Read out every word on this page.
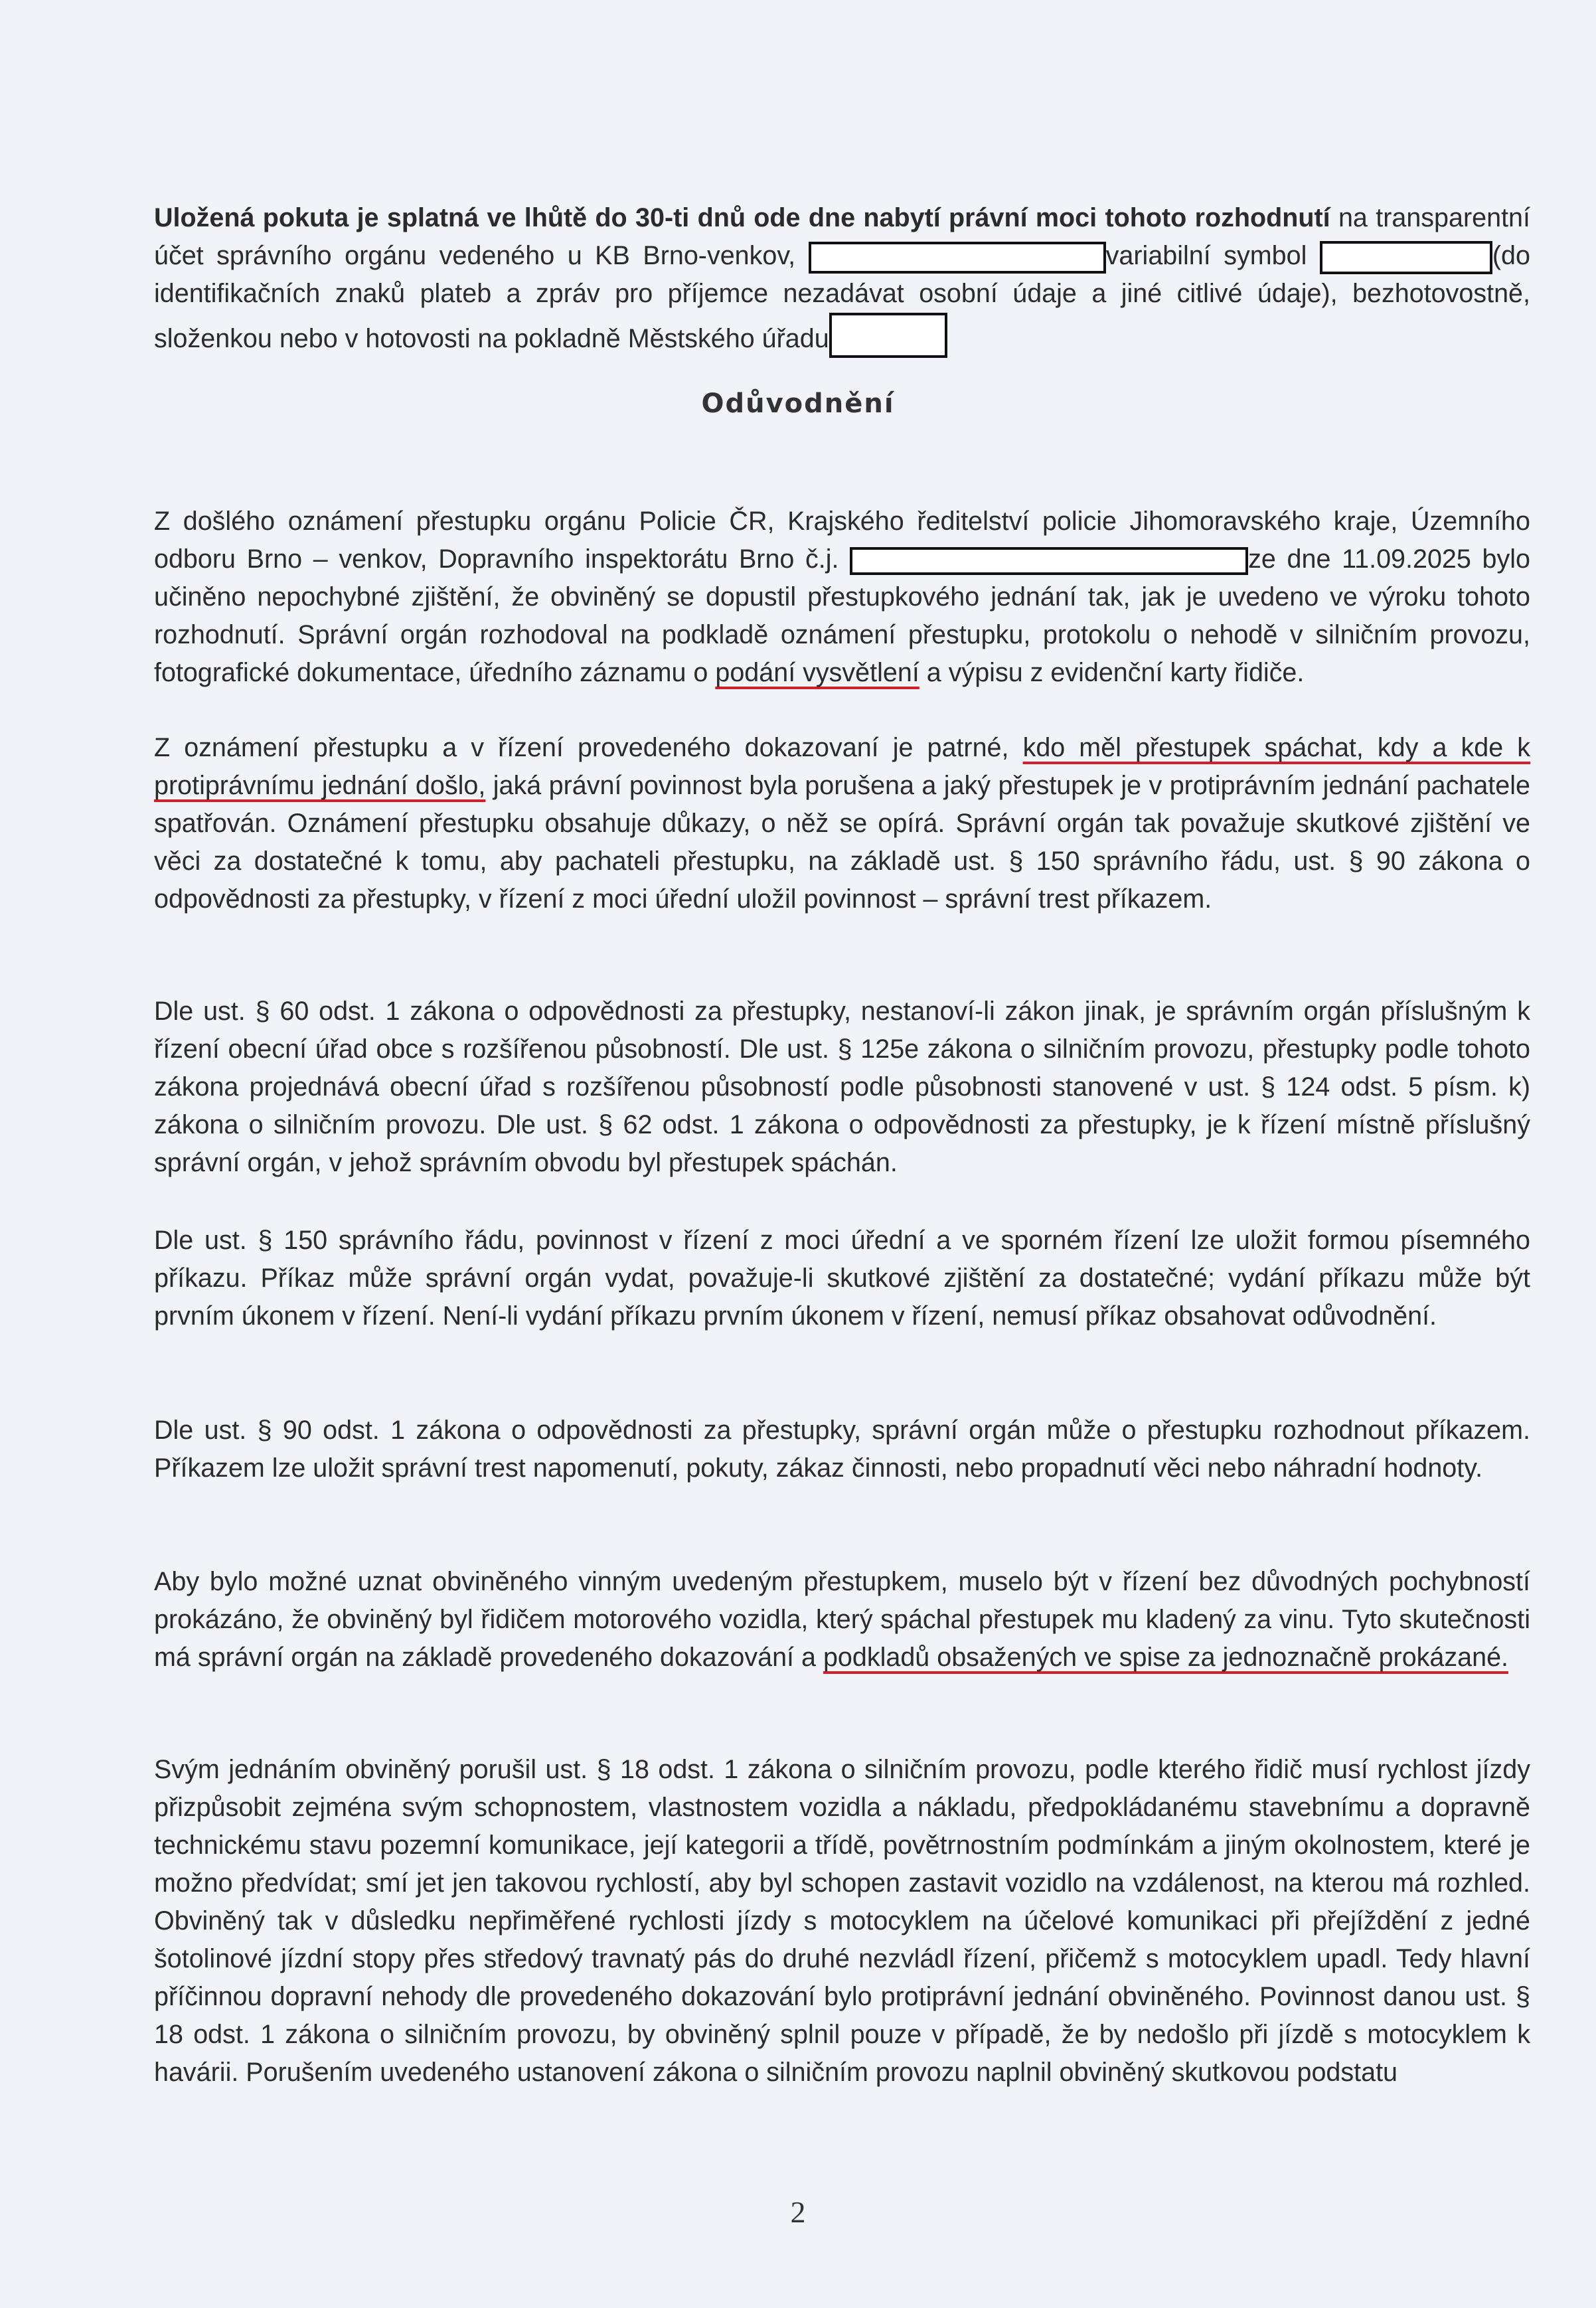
Uložená pokuta je splatná ve lhůtě do 30-ti dnů ode dne nabytí právní moci tohoto rozhodnutí na transparentní účet správního orgánu vedeného u KB Brno-venkov,	variabilní symbol	(do identifikačních znaků plateb a zpráv pro příjemce nezadávat osobní údaje a jiné citlivé údaje), bezhotovostně, složenkou nebo v hotovosti na pokladně Městského úřadu
Odůvodnění
Z došlého oznámení přestupku orgánu Policie ČR, Krajského ředitelství policie Jihomoravského kraje, Územního odboru Brno – venkov, Dopravního inspektorátu Brno č.j.	ze dne 11.09.2025 bylo učiněno nepochybné zjištění, že obviněný se dopustil přestupkového jednání tak, jak je uvedeno ve výroku tohoto rozhodnutí. Správní orgán rozhodoval na podkladě oznámení přestupku, protokolu o nehodě v silničním provozu, fotografické dokumentace, úředního záznamu o podání vysvětlení a výpisu z evidenční karty řidiče.
Z oznámení přestupku a v řízení provedeného dokazovaní je patrné, kdo měl přestupek spáchat, kdy a kde k protiprávnímu jednání došlo, jaká právní povinnost byla porušena a jaký přestupek je v protiprávním jednání pachatele spatřován. Oznámení přestupku obsahuje důkazy, o něž se opírá. Správní orgán tak považuje skutkové zjištění ve věci za dostatečné k tomu, aby pachateli přestupku, na základě ust. § 150 správního řádu, ust. § 90 zákona o odpovědnosti za přestupky, v řízení z moci úřední uložil povinnost – správní trest příkazem.
Dle ust. § 60 odst. 1 zákona o odpovědnosti za přestupky, nestanoví-li zákon jinak, je správním orgán příslušným k řízení obecní úřad obce s rozšířenou působností. Dle ust. § 125e zákona o silničním provozu, přestupky podle tohoto zákona projednává obecní úřad s rozšířenou působností podle působnosti stanovené v ust. § 124 odst. 5 písm. k) zákona o silničním provozu. Dle ust. § 62 odst. 1 zákona o odpovědnosti za přestupky, je k řízení místně příslušný správní orgán, v jehož správním obvodu byl přestupek spáchán.
Dle ust. § 150 správního řádu, povinnost v řízení z moci úřední a ve sporném řízení lze uložit formou písemného příkazu. Příkaz může správní orgán vydat, považuje-li skutkové zjištění za dostatečné; vydání příkazu může být prvním úkonem v řízení. Není-li vydání příkazu prvním úkonem v řízení, nemusí příkaz obsahovat odůvodnění.
Dle ust. § 90 odst. 1 zákona o odpovědnosti za přestupky, správní orgán může o přestupku rozhodnout příkazem. Příkazem lze uložit správní trest napomenutí, pokuty, zákaz činnosti, nebo propadnutí věci nebo náhradní hodnoty.
Aby bylo možné uznat obviněného vinným uvedeným přestupkem, muselo být v řízení bez důvodných pochybností prokázáno, že obviněný byl řidičem motorového vozidla, který spáchal přestupek mu kladený za vinu. Tyto skutečnosti má správní orgán na základě provedeného dokazování a podkladů obsažených ve spise za jednoznačně prokázané.
Svým jednáním obviněný porušil ust. § 18 odst. 1 zákona o silničním provozu, podle kterého řidič musí rychlost jízdy přizpůsobit zejména svým schopnostem, vlastnostem vozidla a nákladu, předpokládanému stavebnímu a dopravně technickému stavu pozemní komunikace, její kategorii a třídě, povětrnostním podmínkám a jiným okolnostem, které je možno předvídat; smí jet jen takovou rychlostí, aby byl schopen zastavit vozidlo na vzdálenost, na kterou má rozhled. Obviněný tak v důsledku nepřiměřené rychlosti jízdy s motocyklem na účelové komunikaci při přejíždění z jedné šotolinové jízdní stopy přes středový travnatý pás do druhé nezvládl řízení, přičemž s motocyklem upadl. Tedy hlavní příčinnou dopravní nehody dle provedeného dokazování bylo protiprávní jednání obviněného. Povinnost danou ust. § 18 odst. 1 zákona o silničním provozu, by obviněný splnil pouze v případě, že by nedošlo při jízdě s motocyklem k havárii. Porušením uvedeného ustanovení zákona o silničním provozu naplnil obviněný skutkovou podstatu
2
